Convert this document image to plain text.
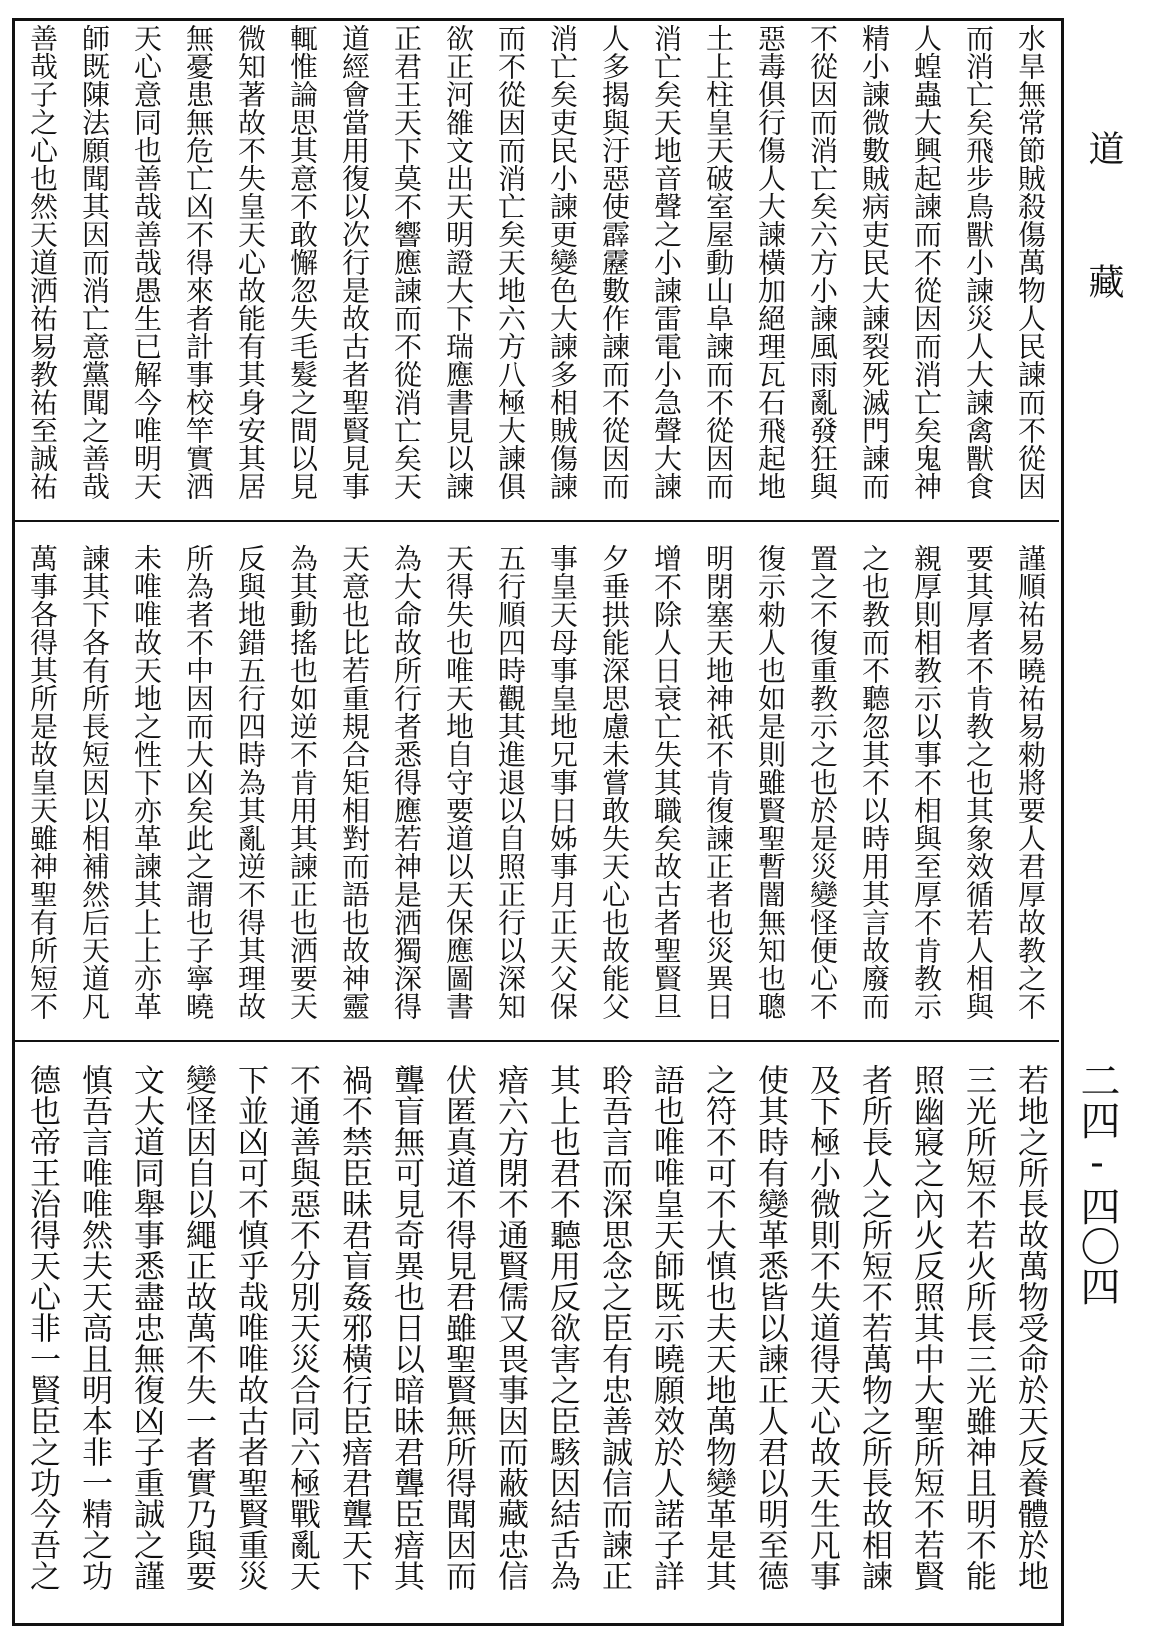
水旱無常節賊殺傷萬物人民諫而不從因
而消亡矣飛步鳥獸小諫災人大諫禽獸食
人蝗蟲大興起諫而不從因而消亡矣鬼神
精小諫微數賊病吏民大諫裂死滅門諫而
不從因而消亡矣六方小諫風雨亂發狂與
惡毒俱行傷人大諫橫加絕理瓦石飛起地
土上柱皇天破室屋動山阜諫而不從因而
消亡矣天地音聲之小諫雷電小急聲大諫
人多揭與汙惡使霹靂數作諫而不從因而
消亡矣吏民小諫更變色大諫多相賊傷諫
而不從因而消亡矣天地六方八極大諫俱
欲正河雒文出天明證大下瑞應書見以諫
正君王天下莫不響應諫而不從消亡矣天
道經會當用復以次行是故古者聖賢見事
輒惟論思其意不敢懈忽失毛髮之間以見
微知著故不失皇天心故能有其身安其居
無憂患無危亡凶不得來者計事校竿實洒
天心意同也善哉善哉愚生已解今唯明天
師既陳法願聞其因而消亡意黨聞之善哉
善哉子之心也然天道洒祐易教祐至誠祐
謹順祐易曉祐易勑將要人君厚故教之不
要其厚者不肯教之也其象效循若人相與
親厚則相教示以事不相與至厚不肯教示
之也教而不聽忽其不以時用其言故廢而
置之不復重教示之也於是災變怪便心不
復示勑人也如是則雖賢聖暫闇無知也聰
明閉塞天地神祇不肯復諫正者也災異日
增不除人日衰亡失其職矣故古者聖賢旦
夕垂拱能深思慮未嘗敢失天心也故能父
事皇天母事皇地兄事日姊事月正天父保
五行順四時觀其進退以自照正行以深知
天得失也唯天地自守要道以天保應圖書
為大命故所行者悉得應若神是洒獨深得
天意也比若重規合矩相對而語也故神靈
為其動搖也如逆不肯用其諫正也洒要天
反與地錯五行四時為其亂逆不得其理故
所為者不中因而大凶矣此之謂也子寧曉
未唯唯故天地之性下亦革諫其上上亦革
諫其下各有所長短因以相補然后天道凡
萬事各得其所是故皇天雖神聖有所短不
若地之所長故萬物受命於天反養體於地
三光所短不若火所長三光雖神且明不能
照幽寢之內火反照其中大聖所短不若賢
者所長人之所短不若萬物之所長故相諫
及下極小微則不失道得天心故天生凡事
使其時有變革悉皆以諫正人君以明至德
之符不可不大慎也夫天地萬物變革是其
語也唯唯皇天師既示曉願效於人諾子詳
聆吾言而深思念之臣有忠善誠信而諫正
其上也君不聽用反欲害之臣駭因結舌為
瘖六方閉不通賢儒又畏事因而蔽藏忠信
伏匿真道不得見君雖聖賢無所得聞因而
聾盲無可見奇異也日以暗昧君聾臣瘖其
禍不禁臣昧君盲姦邪橫行臣瘖君聾天下
不通善與惡不分別天災合同六極戰亂天
下並凶可不慎乎哉唯唯故古者聖賢重災
變怪因自以繩正故萬不失一者實乃與要
文大道同舉事悉盡忠無復凶子重誠之謹
慎吾言唯唯然夫天高且明本非一精之功
德也帝王治得天心非一賢臣之功今吾之
道 藏
二四-四〇四
